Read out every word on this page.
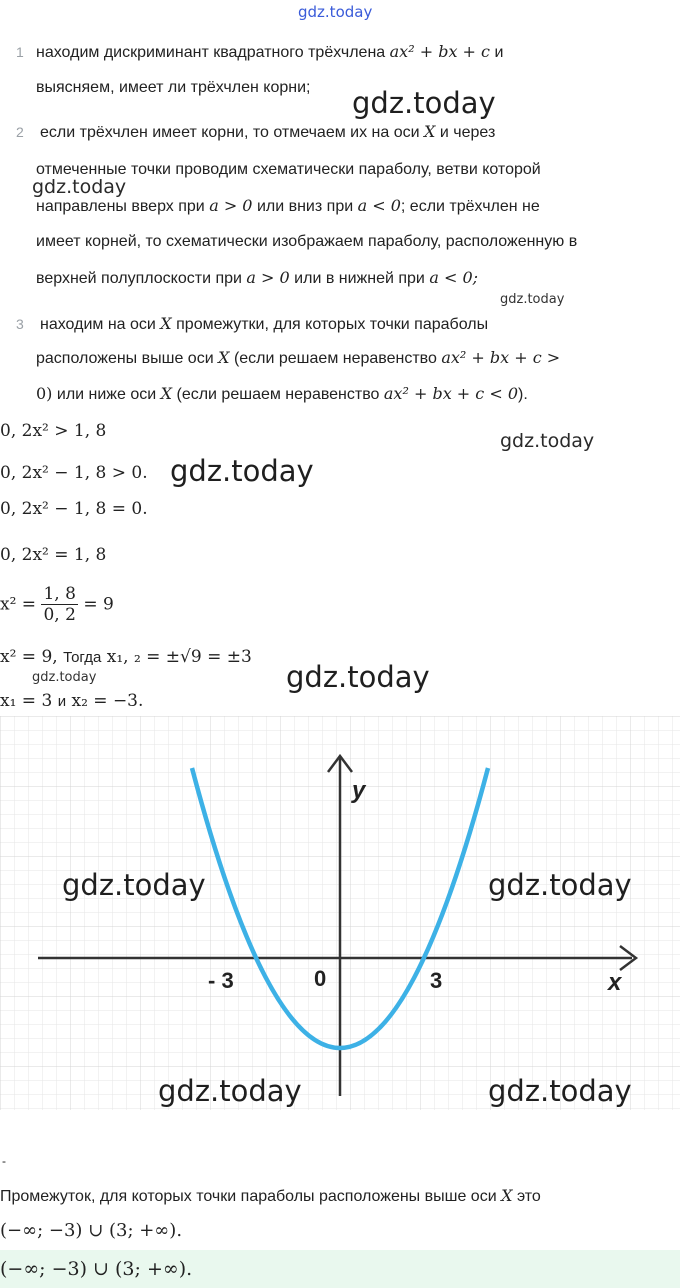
gdz.today
1 находим дискриминант квадратного трёхчлена ax² + bx + c и
выясняем, имеет ли трёхчлен корни;
2 если трёхчлен имеет корни, то отмечаем их на оси X и через
отмеченные точки проводим схематически параболу, ветви которой
направлены вверх при a > 0 или вниз при a < 0; если трёхчлен не
имеет корней, то схематически изображаем параболу, расположенную в
верхней полуплоскости при a > 0 или в нижней при a < 0;
3 находим на оси X промежутки, для которых точки параболы
расположены выше оси X (если решаем неравенство ax² + bx + c >
0) или ниже оси X (если решаем неравенство ax² + bx + c < 0).
0, 2x² > 1, 8
0, 2x² − 1, 8 > 0.
0, 2x² − 1, 8 = 0.
0, 2x² = 1, 8
$x^2 = \frac{1, 8}{0, 2} = 9$
x² = 9, Тогда x₁, ₂ = ±√9 = ±3
x₁ = 3 и x₂ = −3.
y
x
0
- 3	3
gdz.today
gdz.today
gdz.today
gdz.today
gdz.today
gdz.today	gdz.today
gdz.today	gdz.today
gdz.today	gdz.today
-
Промежуток, для которых точки параболы расположены выше оси X это
(−∞; −3) ∪ (3; +∞).
(−∞; −3) ∪ (3; +∞).
